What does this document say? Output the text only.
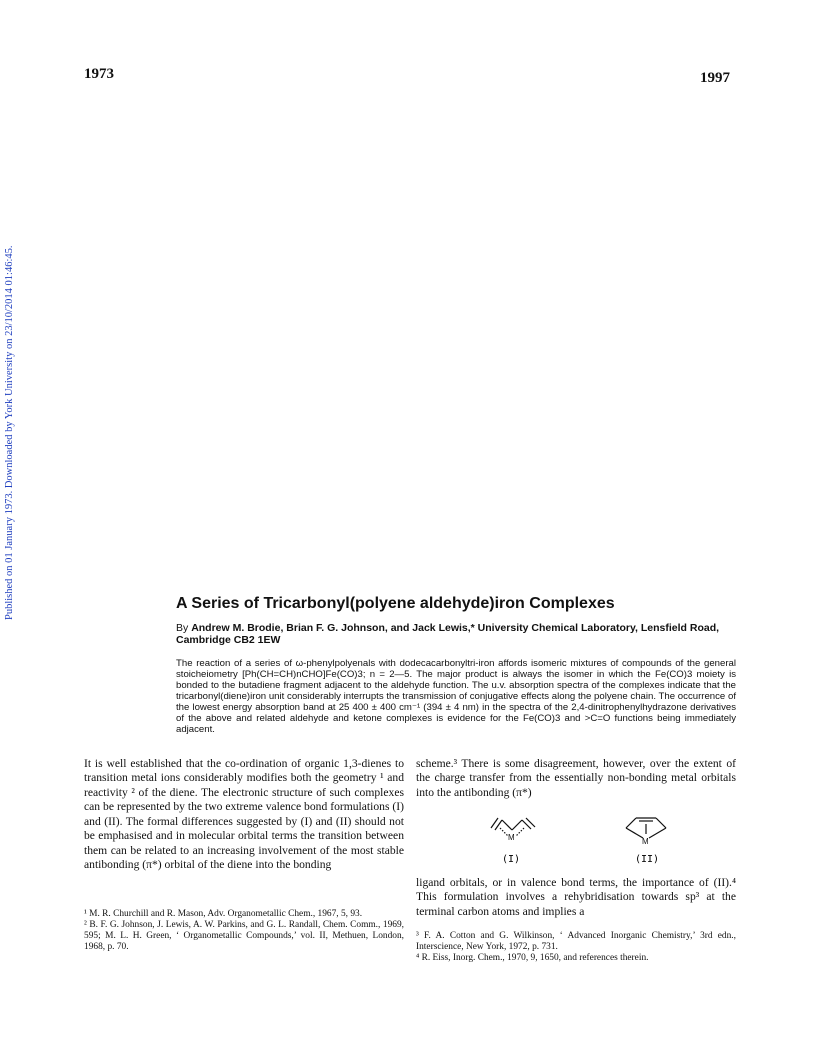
1973	1997
Published on 01 January 1973. Downloaded by York University on 23/10/2014 01:46:45.	A Series of Tricarbonyl(polyene aldehyde)iron Complexes
By Andrew M. Brodie, Brian F. G. Johnson, and Jack Lewis,* University Chemical Laboratory, Lensfield Road, Cambridge CB2 1EW
The reaction of a series of ω-phenylpolyenals with dodecacarbonyltri-iron affords isomeric mixtures of compounds of the general stoicheiometry [Ph(CH=CH)nCHO]Fe(CO)3; n = 2—5. The major product is always the isomer in which the Fe(CO)3 moiety is bonded to the butadiene fragment adjacent to the aldehyde function. The u.v. absorption spectra of the complexes indicate that the tricarbonyl(diene)iron unit considerably interrupts the transmission of conjugative effects along the polyene chain. The occurrence of the lowest energy absorption band at 25 400 ± 400 cm⁻¹ (394 ± 4 nm) in the spectra of the 2,4-dinitrophenylhydrazone derivatives of the above and related aldehyde and ketone complexes is evidence for the Fe(CO)3 and >C=O functions being immediately adjacent.

It is well established that the co-ordination of organic 1,3-dienes to transition metal ions considerably modifies both the geometry ¹ and reactivity ² of the diene. The electronic structure of such complexes can be represented by the two extreme valence bond formulations (I) and (II). The formal differences suggested by (I) and (II) should not be emphasised and in molecular orbital terms the transition between them can be related to an increasing involvement of the most stable antibonding (π*) orbital of the diene into the bonding

scheme.³ There is some disagreement, however, over the extent of the charge transfer from the essentially non-bonding metal orbitals into the antibonding (π*)

M	M
(I)	(II)

ligand orbitals, or in valence bond terms, the importance of (II).⁴ This formulation involves a rehybridisation towards sp³ at the terminal carbon atoms and implies a

¹ M. R. Churchill and R. Mason, Adv. Organometallic Chem., 1967, 5, 93.

² B. F. G. Johnson, J. Lewis, A. W. Parkins, and G. L. Randall, Chem. Comm., 1969, 595; M. L. H. Green, ‘ Organometallic Compounds,’ vol. II, Methuen, London, 1968, p. 70.

³ F. A. Cotton and G. Wilkinson, ‘ Advanced Inorganic Chemistry,’ 3rd edn., Interscience, New York, 1972, p. 731.

⁴ R. Eiss, Inorg. Chem., 1970, 9, 1650, and references therein.
